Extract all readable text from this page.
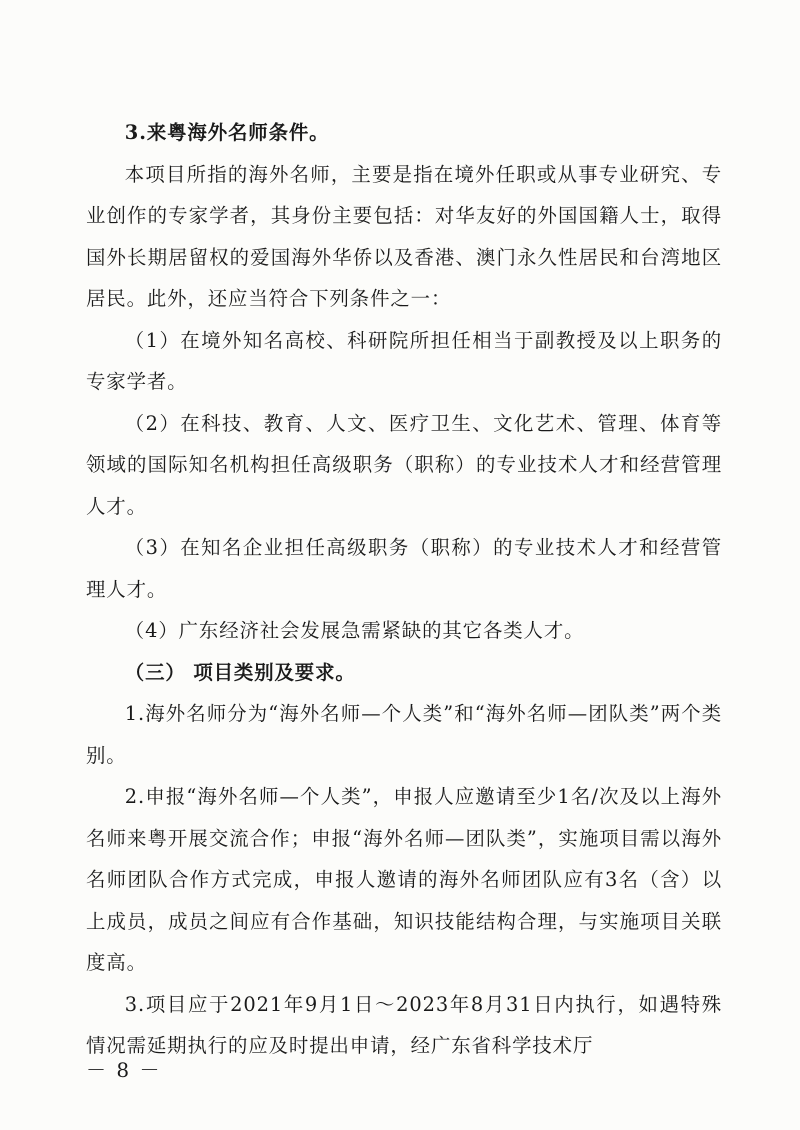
3.来粤海外名师条件。

本项目所指的海外名师，主要是指在境外任职或从事专业研究、专业创作的专家学者，其身份主要包括：对华友好的外国国籍人士，取得国外长期居留权的爱国海外华侨以及香港、澳门永久性居民和台湾地区居民。此外，还应当符合下列条件之一：

（1）在境外知名高校、科研院所担任相当于副教授及以上职务的专家学者。

（2）在科技、教育、人文、医疗卫生、文化艺术、管理、体育等领域的国际知名机构担任高级职务（职称）的专业技术人才和经营管理人才。

（3）在知名企业担任高级职务（职称）的专业技术人才和经营管理人才。

（4）广东经济社会发展急需紧缺的其它各类人才。

（三） 项目类别及要求。

1.海外名师分为“海外名师—个人类”和“海外名师—团队类”两个类别。

2.申报“海外名师—个人类”，申报人应邀请至少1名/次及以上海外名师来粤开展交流合作；申报“海外名师—团队类”，实施项目需以海外名师团队合作方式完成，申报人邀请的海外名师团队应有3名（含）以上成员，成员之间应有合作基础，知识技能结构合理，与实施项目关联度高。

3.项目应于2021年9月1日～2023年8月31日内执行，如遇特殊情况需延期执行的应及时提出申请，经广东省科学技术厅

－ 8 －
